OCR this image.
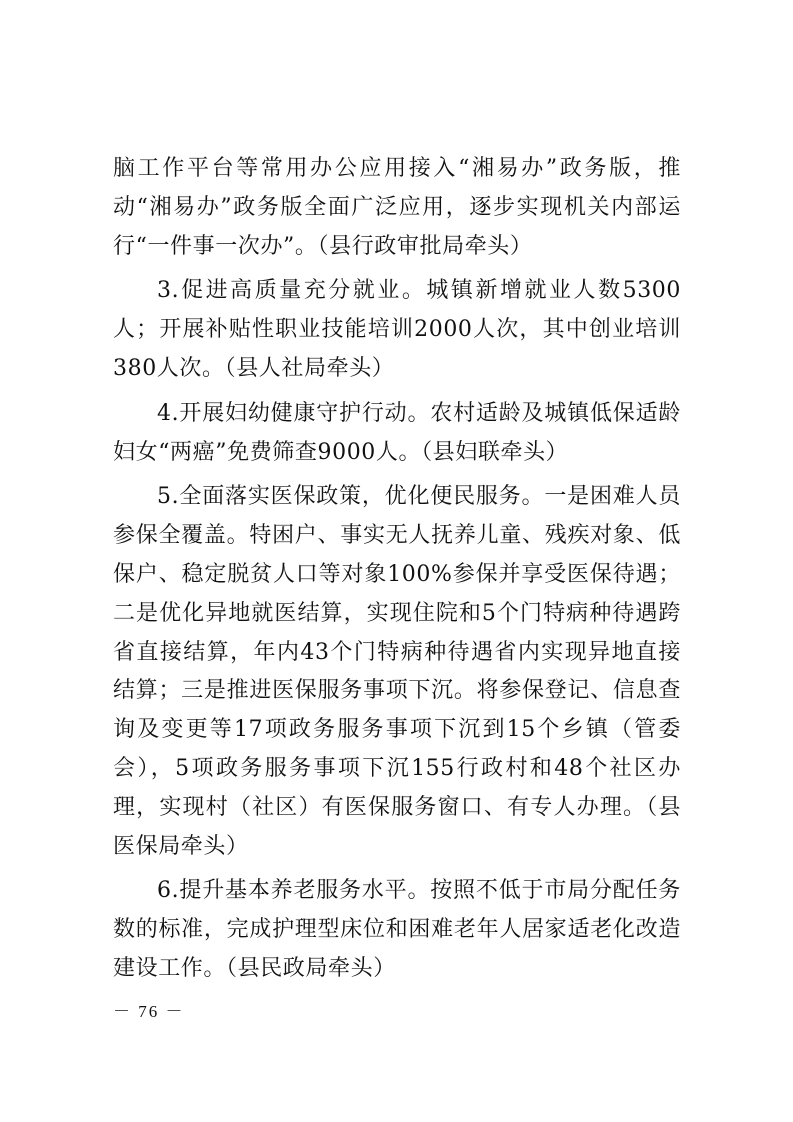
脑工作平台等常用办公应用接入“湘易办”政务版，推动“湘易办”政务版全面广泛应用，逐步实现机关内部运行“一件事一次办”。（县行政审批局牵头）

3.促进高质量充分就业。城镇新增就业人数5300人；开展补贴性职业技能培训2000人次，其中创业培训380人次。（县人社局牵头）

4.开展妇幼健康守护行动。农村适龄及城镇低保适龄妇女“两癌”免费筛查9000人。（县妇联牵头）

5.全面落实医保政策，优化便民服务。一是困难人员参保全覆盖。特困户、事实无人抚养儿童、残疾对象、低保户、稳定脱贫人口等对象100%参保并享受医保待遇；二是优化异地就医结算，实现住院和5个门特病种待遇跨省直接结算，年内43个门特病种待遇省内实现异地直接结算；三是推进医保服务事项下沉。将参保登记、信息查询及变更等17项政务服务事项下沉到15个乡镇（管委会），5项政务服务事项下沉155行政村和48个社区办理，实现村（社区）有医保服务窗口、有专人办理。（县医保局牵头）

6.提升基本养老服务水平。按照不低于市局分配任务数的标准，完成护理型床位和困难老年人居家适老化改造建设工作。（县民政局牵头）

－ 76 －
